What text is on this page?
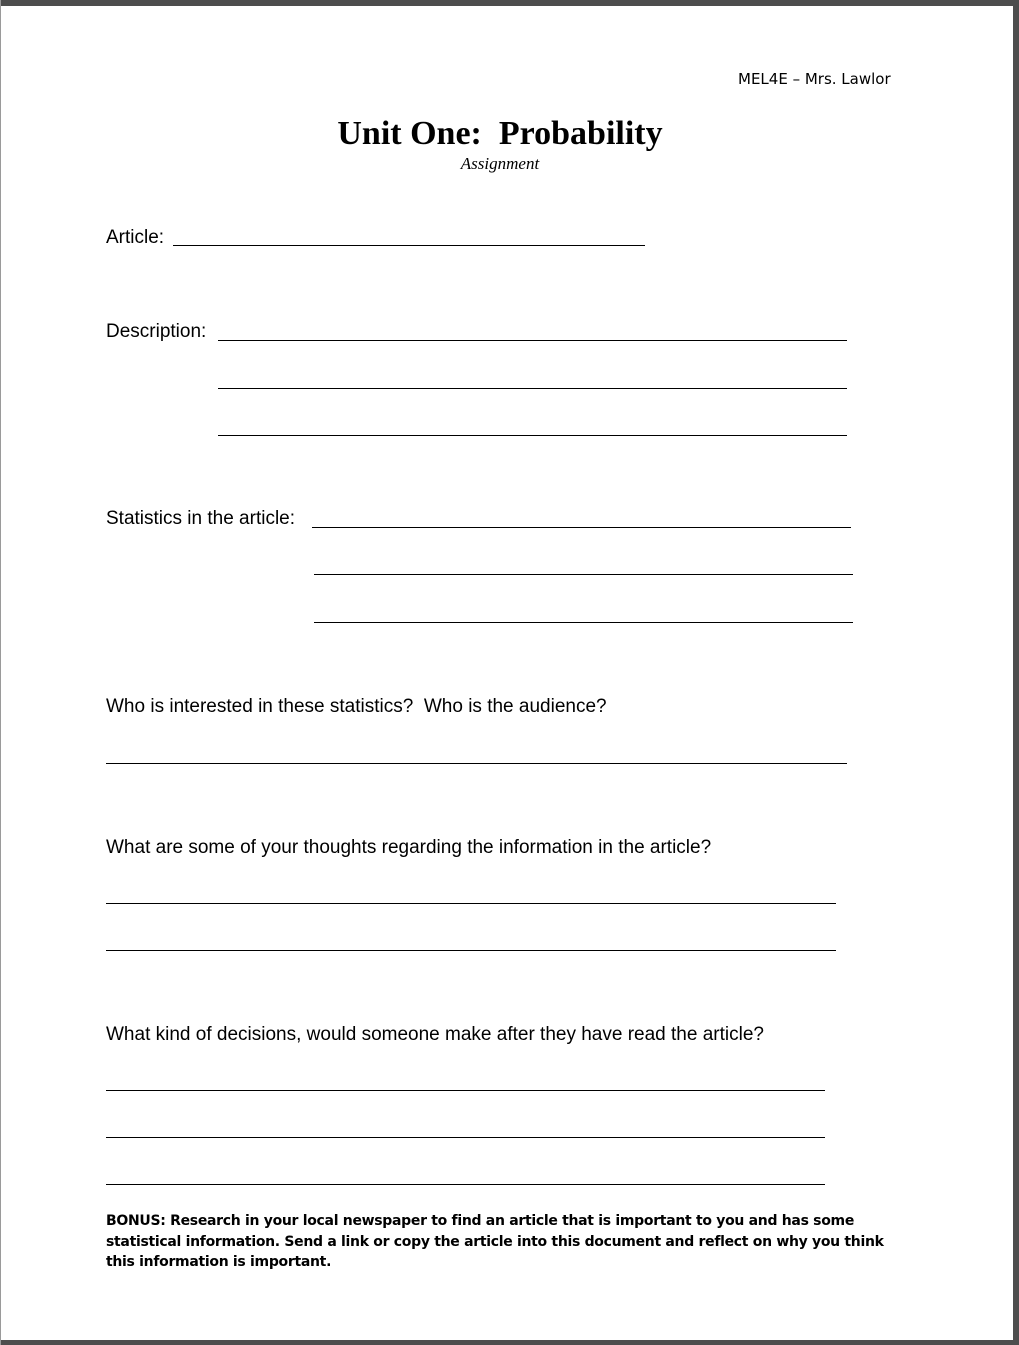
MEL4E – Mrs. Lawlor
Unit One:  Probability
Assignment
Article:
Description:
Statistics in the article:
Who is interested in these statistics?  Who is the audience?
What are some of your thoughts regarding the information in the article?
What kind of decisions, would someone make after they have read the article?
BONUS: Research in your local newspaper to find an article that is important to you and has some statistical information. Send a link or copy the article into this document and reflect on why you think this information is important.
